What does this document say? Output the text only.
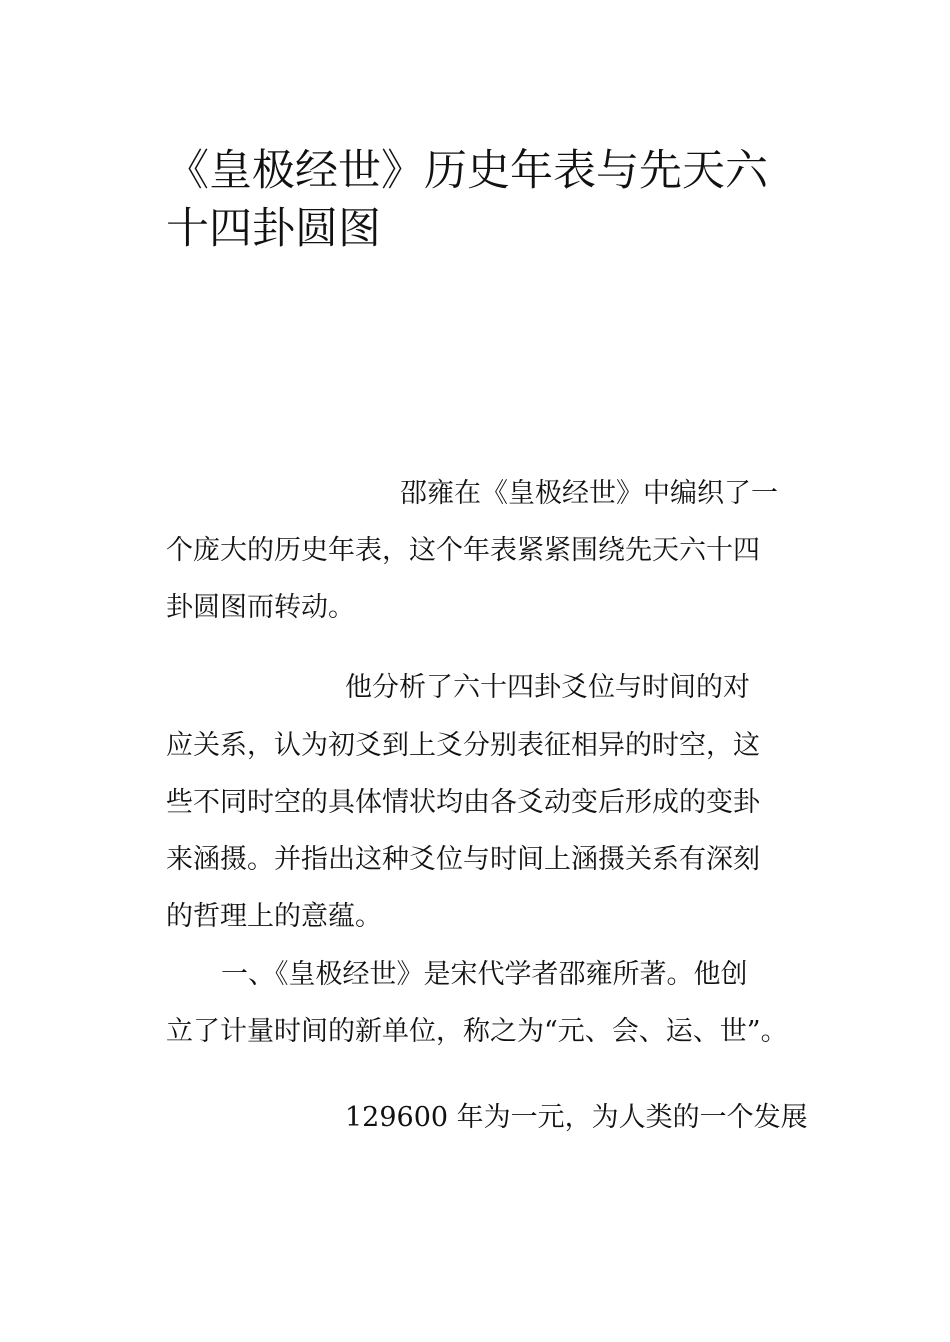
《皇极经世》历史年表与先天六十四卦圆图

邵雍在《皇极经世》中编织了一

个庞大的历史年表，这个年表紧紧围绕先天六十四

卦圆图而转动。

他分析了六十四卦爻位与时间的对

应关系，认为初爻到上爻分别表征相异的时空，这

些不同时空的具体情状均由各爻动变后形成的变卦

来涵摄。并指出这种爻位与时间上涵摄关系有深刻

的哲理上的意蕴。

一、《皇极经世》是宋代学者邵雍所著。他创

立了计量时间的新单位，称之为“元、会、运、世”。

129600 年为一元，为人类的一个发展
